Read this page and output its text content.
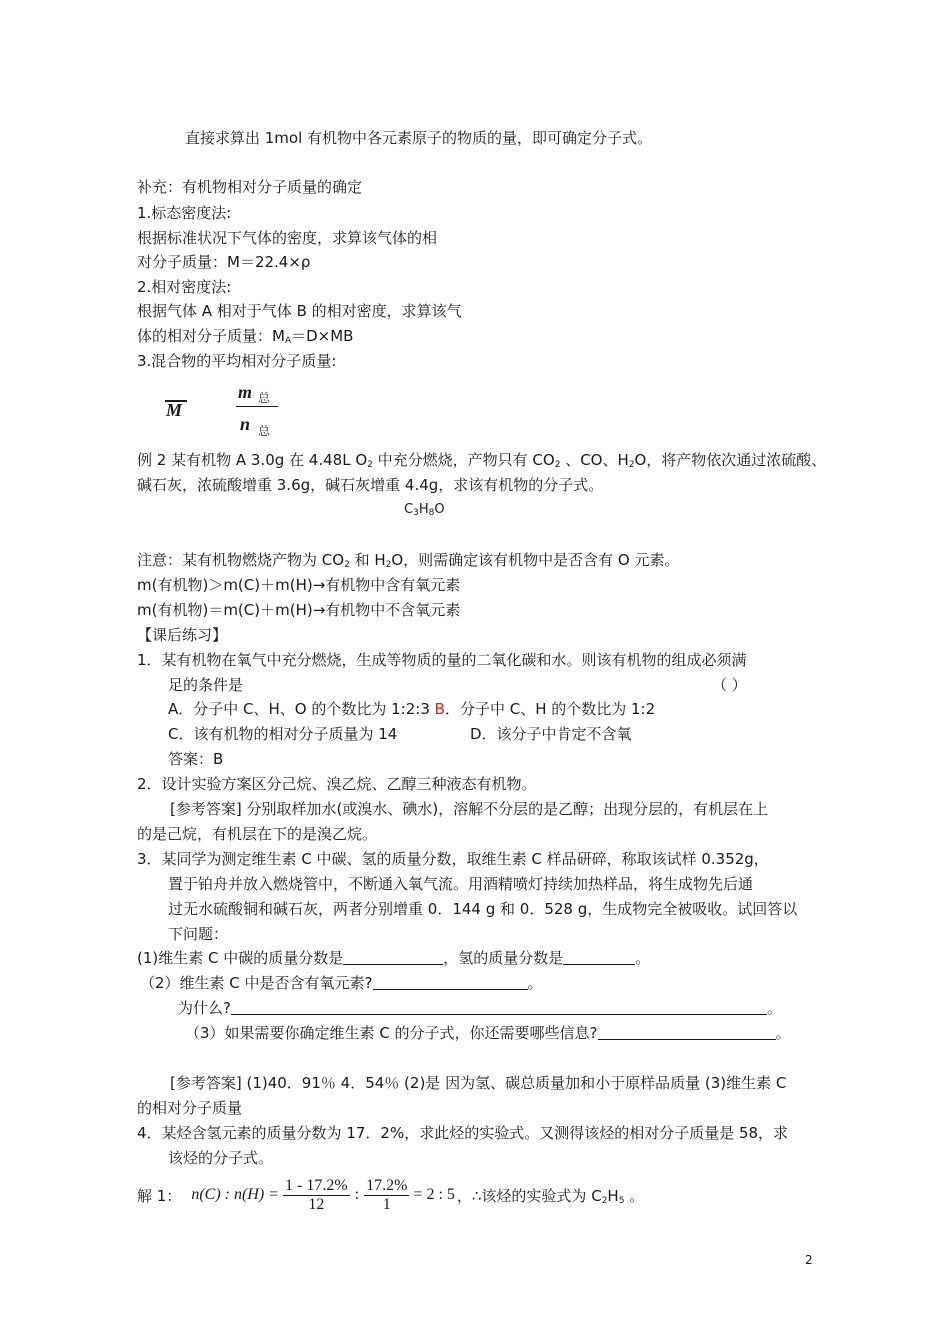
直接求算出 1mol 有机物中各元素原子的物质的量，即可确定分子式。
补充：有机物相对分子质量的确定
1.标态密度法:
根据标准状况下气体的密度，求算该气体的相
对分子质量：M＝22.4×ρ
2.相对密度法:
根据气体 A 相对于气体 B 的相对密度，求算该气
体的相对分子质量：$M_A=D\times MB$
3.混合物的平均相对分子质量:
M
m 总
n 总
例 2 某有机物 A 3.0g 在 4.48L $O_2$ 中充分燃烧，产物只有 $CO_2$ 、CO、$H_2O$，将产物依次通过浓硫酸、
碱石灰，浓硫酸增重 3.6g，碱石灰增重 4.4g，求该有机物的分子式。
$C_3H_8O$
注意：某有机物燃烧产物为 $CO_2$ 和 $H_2O$，则需确定该有机物中是否含有 O 元素。
m(有机物)＞m(C)＋m(H)→有机物中含有氧元素
m(有机物)＝m(C)＋m(H)→有机物中不含氧元素
【课后练习】
1．某有机物在氧气中充分燃烧，生成等物质的量的二氧化碳和水。则该有机物的组成必须满
足的条件是	（ ）
A．分子中 C、H、O 的个数比为 1:2:3 B．分子中 C、H 的个数比为 1:2
C．该有机物的相对分子质量为 14	D．该分子中肯定不含氧
答案：B
2．设计实验方案区分己烷、溴乙烷、乙醇三种液态有机物。
[参考答案] 分别取样加水(或溴水、碘水)，溶解不分层的是乙醇；出现分层的，有机层在上
的是己烷，有机层在下的是溴乙烷。
3．某同学为测定维生素 C 中碳、氢的质量分数，取维生素 C 样品研碎，称取该试样 0.352g，
置于铂舟并放入燃烧管中，不断通入氧气流。用酒精喷灯持续加热样品，将生成物先后通
过无水硫酸铜和碱石灰，两者分别增重 0．144 g 和 0．528 g，生成物完全被吸收。试回答以
下问题：
(1)维生素 C 中碳的质量分数是	，氢的质量分数是	。
（2）维生素 C 中是否含有氧元素?	。
为什么?	。
（3）如果需要你确定维生素 C 的分子式，你还需要哪些信息?	。
[参考答案] (1)40．91％ 4．54％ (2)是 因为氢、碳总质量加和小于原样品质量 (3)维生素 C
的相对分子质量
4．某烃含氢元素的质量分数为 17．2%，求此烃的实验式。又测得该烃的相对分子质量是 58，求
该烃的分子式。
解 1： n(C) : $n(H) = \frac{1 - 17.2\%}{12}$ : $\frac{17.2\%}{1} = 2$ : 5 ，∴该烃的实验式为 $C_2H_5$ 。
2
